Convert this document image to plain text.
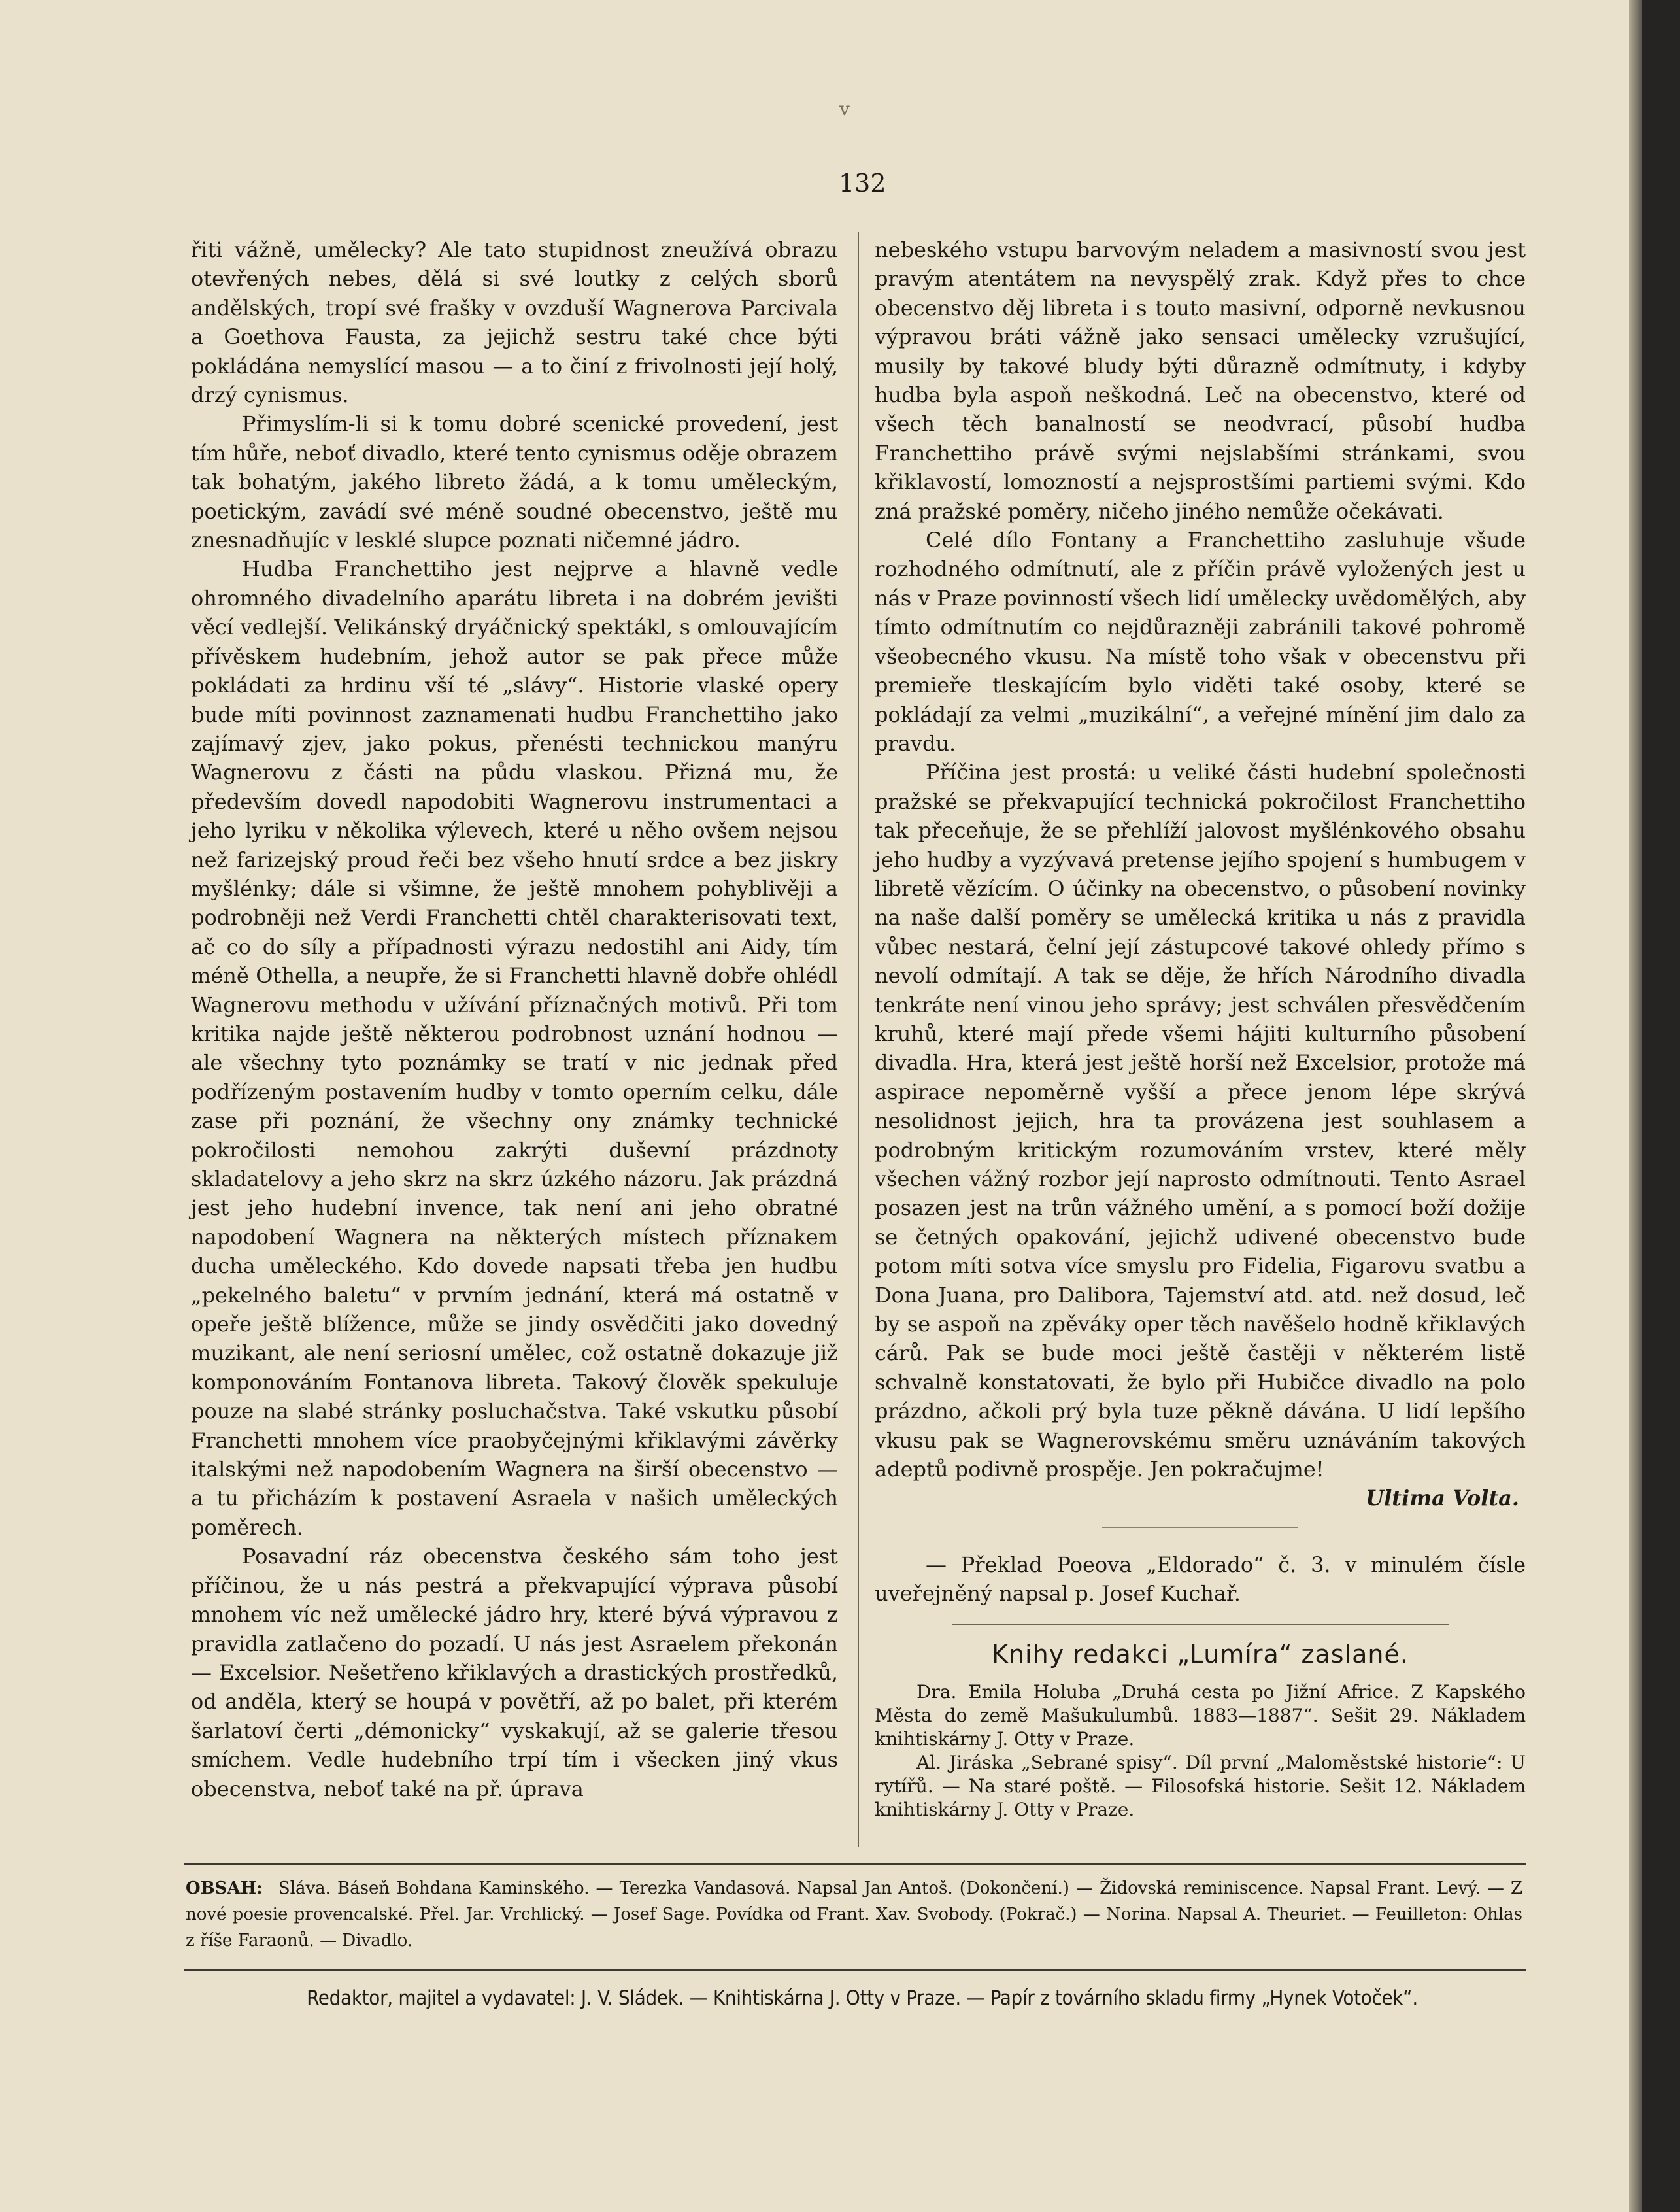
v
132

řiti vážně, umělecky? Ale tato stupidnost zneužívá obrazu otevřených nebes, dělá si své loutky z celých sborů andělských, tropí své frašky v ovzduší Wagnerova Parcivala a Goethova Fausta, za jejichž sestru také chce býti pokládána nemyslící masou — a to činí z frivolnosti její holý, drzý cynismus.

Přimyslím-li si k tomu dobré scenické provedení, jest tím hůře, neboť divadlo, které tento cynismus oděje obrazem tak bohatým, jakého libreto žádá, a k tomu uměleckým, poetickým, zavádí své méně soudné obecenstvo, ještě mu znesnadňujíc v lesklé slupce poznati ničemné jádro.

Hudba Franchettiho jest nejprve a hlavně vedle ohromného divadelního aparátu libreta i na dobrém jevišti věcí vedlejší. Velikánský dryáčnický spektákl, s omlouvajícím přívěskem hudebním, jehož autor se pak přece může pokládati za hrdinu vší té „slávy“. Historie vlaské opery bude míti povinnost zaznamenati hudbu Franchettiho jako zajímavý zjev, jako pokus, přenésti technickou manýru Wagnerovu z části na půdu vlaskou. Přizná mu, že především dovedl napodobiti Wagnerovu instrumentaci a jeho lyriku v několika výlevech, které u něho ovšem nejsou než farizejský proud řeči bez všeho hnutí srdce a bez jiskry myšlénky; dále si všimne, že ještě mnohem pohyblivěji a podrobněji než Verdi Franchetti chtěl charakterisovati text, ač co do síly a případnosti výrazu nedostihl ani Aidy, tím méně Othella, a neupře, že si Franchetti hlavně dobře ohlédl Wagnerovu methodu v užívání příznačných motivů. Při tom kritika najde ještě některou podrobnost uznání hodnou — ale všechny tyto poznámky se tratí v nic jednak před podřízeným postavením hudby v tomto operním celku, dále zase při poznání, že všechny ony známky technické pokročilosti nemohou zakrýti duševní prázdnoty skladatelovy a jeho skrz na skrz úzkého názoru. Jak prázdná jest jeho hudební invence, tak není ani jeho obratné napodobení Wagnera na některých místech příznakem ducha uměleckého. Kdo dovede napsati třeba jen hudbu „pekelného baletu“ v prvním jednání, která má ostatně v opeře ještě blížence, může se jindy osvědčiti jako dovedný muzikant, ale není seriosní umělec, což ostatně dokazuje již komponováním Fontanova libreta. Takový člověk spekuluje pouze na slabé stránky posluchačstva. Také vskutku působí Franchetti mnohem více praobyčejnými křiklavými závěrky italskými než napodobením Wagnera na širší obecenstvo — a tu přicházím k postavení Asraela v našich uměleckých poměrech.

Posavadní ráz obecenstva českého sám toho jest příčinou, že u nás pestrá a překvapující výprava působí mnohem víc než umělecké jádro hry, které bývá výpravou z pravidla zatlačeno do pozadí. U nás jest Asraelem překonán — Excelsior. Nešetřeno křiklavých a drastických prostředků, od anděla, který se houpá v povětří, až po balet, při kterém šarlatoví čerti „démonicky“ vyskakují, až se galerie třesou smíchem. Vedle hudebního trpí tím i všecken jiný vkus obecenstva, neboť také na př. úprava

nebeského vstupu barvovým neladem a masivností svou jest pravým atentátem na nevyspělý zrak. Když přes to chce obecenstvo děj libreta i s touto masivní, odporně nevkusnou výpravou bráti vážně jako sensaci umělecky vzrušující, musily by takové bludy býti důrazně odmítnuty, i kdyby hudba byla aspoň neškodná. Leč na obecenstvo, které od všech těch banalností se neodvrací, působí hudba Franchettiho právě svými nejslabšími stránkami, svou křiklavostí, lomozností a nejsprostšími partiemi svými. Kdo zná pražské poměry, ničeho jiného nemůže očekávati.

Celé dílo Fontany a Franchettiho zasluhuje všude rozhodného odmítnutí, ale z příčin právě vyložených jest u nás v Praze povinností všech lidí umělecky uvědomělých, aby tímto odmítnutím co nejdůrazněji zabránili takové pohromě všeobecného vkusu. Na místě toho však v obecenstvu při premieře tleskajícím bylo viděti také osoby, které se pokládají za velmi „muzikální“, a veřejné mínění jim dalo za pravdu.

Příčina jest prostá: u veliké části hudební společnosti pražské se překvapující technická pokročilost Franchettiho tak přeceňuje, že se přehlíží jalovost myšlénkového obsahu jeho hudby a vyzývavá pretense jejího spojení s humbugem v libretě vězícím. O účinky na obecenstvo, o působení novinky na naše další poměry se umělecká kritika u nás z pravidla vůbec nestará, čelní její zástupcové takové ohledy přímo s nevolí odmítají. A tak se děje, že hřích Národního divadla tenkráte není vinou jeho správy; jest schválen přesvědčením kruhů, které mají přede všemi hájiti kulturního působení divadla. Hra, která jest ještě horší než Excelsior, protože má aspirace nepoměrně vyšší a přece jenom lépe skrývá nesolidnost jejich, hra ta provázena jest souhlasem a podrobným kritickým rozumováním vrstev, které měly všechen vážný rozbor její naprosto odmítnouti. Tento Asrael posazen jest na trůn vážného umění, a s pomocí boží dožije se četných opakování, jejichž udivené obecenstvo bude potom míti sotva více smyslu pro Fidelia, Figarovu svatbu a Dona Juana, pro Dalibora, Tajemství atd. atd. než dosud, leč by se aspoň na zpěváky oper těch navěšelo hodně křiklavých cárů. Pak se bude moci ještě častěji v některém listě schvalně konstatovati, že bylo při Hubičce divadlo na polo prázdno, ačkoli prý byla tuze pěkně dávána. U lidí lepšího vkusu pak se Wagnerovskému směru uznáváním takových adeptů podivně prospěje. Jen pokračujme!

Ultima Volta.

— Překlad Poeova „Eldorado“ č. 3. v minulém čísle uveřejněný napsal p. Josef Kuchař.

Knihy redakci „Lumíra“ zaslané.

Dra. Emila Holuba „Druhá cesta po Jižní Africe. Z Kapského Města do země Mašukulumbů. 1883—1887“. Sešit 29. Nákladem knihtiskárny J. Otty v Praze.

Al. Jiráska „Sebrané spisy“. Díl první „Maloměstské historie“: U rytířů. — Na staré poště. — Filosofská historie. Sešit 12. Nákladem knihtiskárny J. Otty v Praze.

OBSAH: Sláva. Báseň Bohdana Kaminského. — Terezka Vandasová. Napsal Jan Antoš. (Dokončení.) — Židovská reminiscence. Napsal Frant. Levý. — Z nové poesie provencalské. Přel. Jar. Vrchlický. — Josef Sage. Povídka od Frant. Xav. Svobody. (Pokrač.) — Norina. Napsal A. Theuriet. — Feuilleton: Ohlas z říše Faraonů. — Divadlo.
Redaktor, majitel a vydavatel: J. V. Sládek. — Knihtiskárna J. Otty v Praze. — Papír z továrního skladu firmy „Hynek Votoček“.
